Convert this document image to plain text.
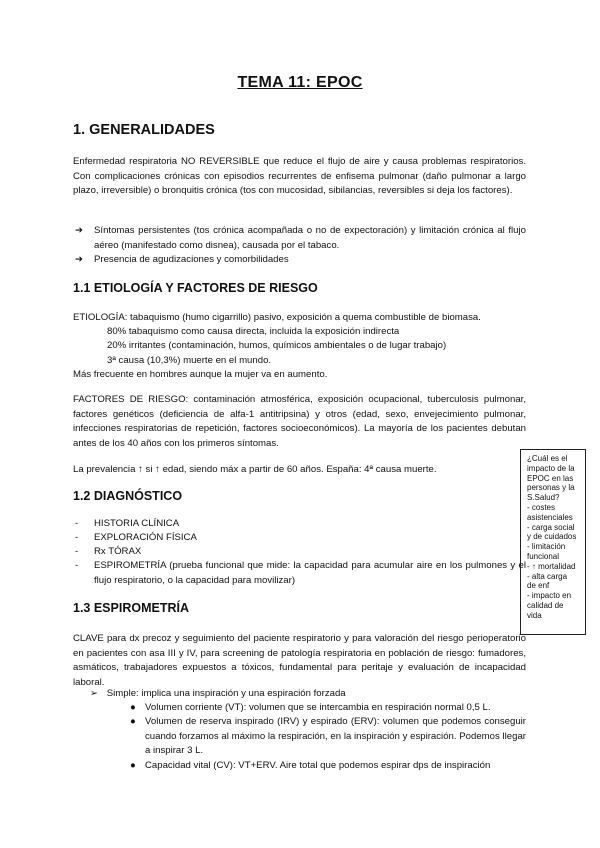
TEMA 11: EPOC
1. GENERALIDADES
Enfermedad respiratoria NO REVERSIBLE que reduce el flujo de aire y causa problemas respiratorios. Con complicaciones crónicas con episodios recurrentes de enfisema pulmonar (daño pulmonar a largo plazo, irreversible) o bronquitis crónica (tos con mucosidad, sibilancias, reversibles si deja los factores).
➔ Síntomas persistentes (tos crónica acompañada o no de expectoración) y limitación crónica al flujo aéreo (manifestado como disnea), causada por el tabaco.
➔ Presencia de agudizaciones y comorbilidades
1.1 ETIOLOGÍA Y FACTORES DE RIESGO
ETIOLOGÍA: tabaquismo (humo cigarrillo) pasivo, exposición a quema combustible de biomasa.
80% tabaquismo como causa directa, incluida la exposición indirecta
20% irritantes (contaminación, humos, químicos ambientales o de lugar trabajo)
3ª causa (10,3%) muerte en el mundo.
Más frecuente en hombres aunque la mujer va en aumento.
FACTORES DE RIESGO: contaminación atmosférica, exposición ocupacional, tuberculosis pulmonar, factores genéticos (deficiencia de alfa-1 antitripsina) y otros (edad, sexo, envejecimiento pulmonar, infecciones respiratorias de repetición, factores socioeconómicos). La mayoría de los pacientes debutan antes de los 40 años con los primeros síntomas.
La prevalencia ↑ si ↑ edad, siendo máx a partir de 60 años. España: 4ª causa muerte.
¿Cuál es el
impacto de la
EPOC en las
personas y la
S.Salud?
- costes
asistenciales
- carga social
y de cuidados
- limitación
funcional
- ↑ mortalidad
- alta carga
de enf
- impacto en
calidad de
vida
1.2 DIAGNÓSTICO
- HISTORIA CLÍNICA
- EXPLORACIÓN FÍSICA
- Rx TÓRAX
- ESPIROMETRÍA (prueba funcional que mide: la capacidad para acumular aire en los pulmones y el flujo respiratorio, o la capacidad para movilizar)
1.3 ESPIROMETRÍA
CLAVE para dx precoz y seguimiento del paciente respiratorio y para valoración del riesgo perioperatorio en pacientes con asa III y IV, para screening de patología respiratoria en población de riesgo: fumadores, asmáticos, trabajadores expuestos a tóxicos, fundamental para peritaje y evaluación de incapacidad laboral.
➢ Simple: implica una inspiración y una espiración forzada
● Volumen corriente (VT): volumen que se intercambia en respiración normal 0,5 L.
● Volumen de reserva inspirado (IRV) y espirado (ERV): volumen que podemos conseguir cuando forzamos al máximo la respiración, en la inspiración y espiración. Podemos llegar a inspirar 3 L.
● Capacidad vital (CV): VT+ERV. Aire total que podemos espirar dps de inspiración
